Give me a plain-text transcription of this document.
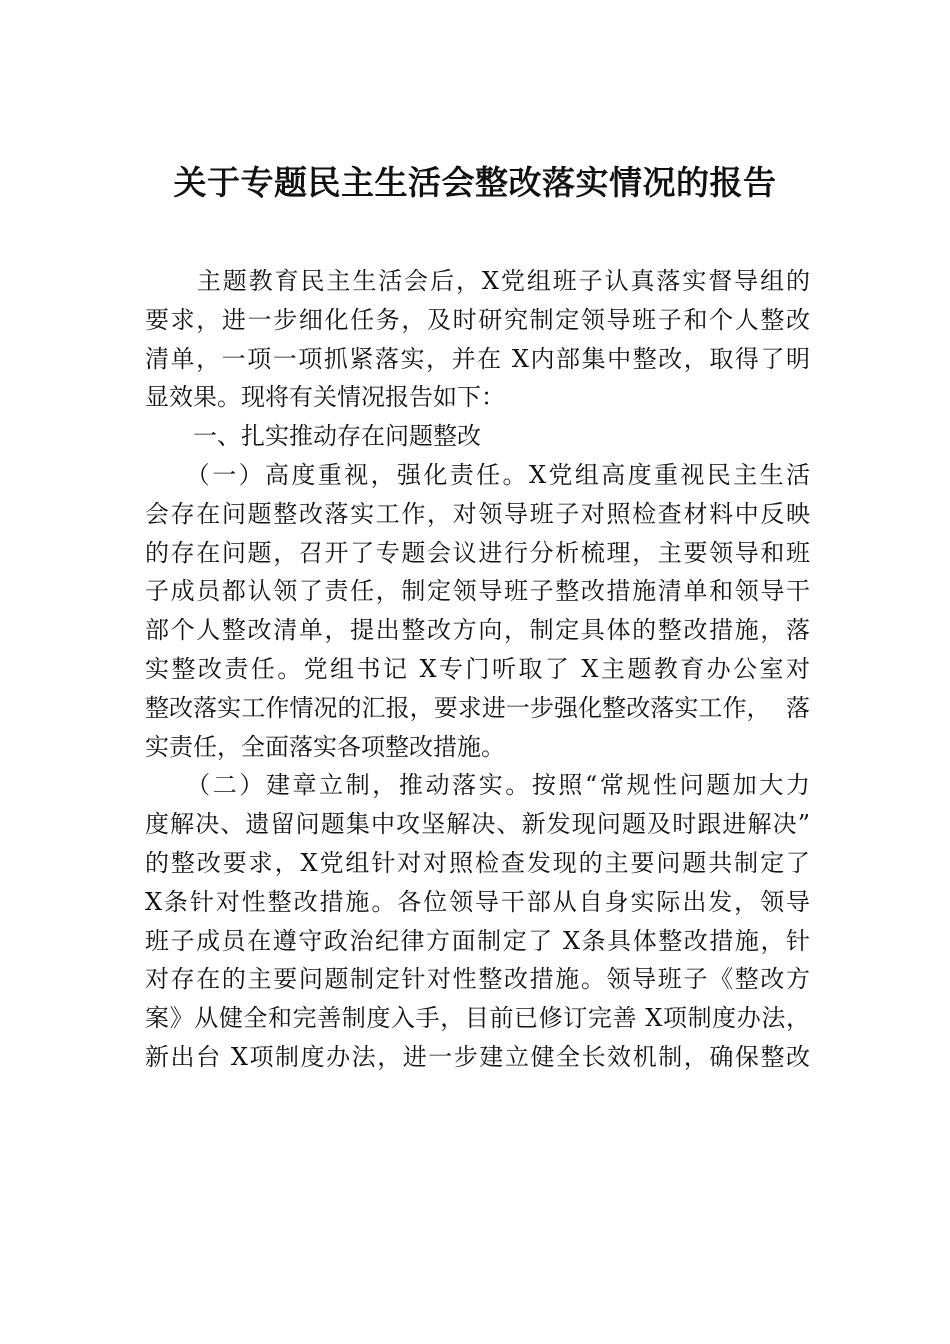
关于专题民主生活会整改落实情况的报告
　　主题教育民主生活会后，X党组班子认真落实督导组的
要求，进一步细化任务，及时研究制定领导班子和个人整改
清单，一项一项抓紧落实，并在 X内部集中整改，取得了明
显效果。现将有关情况报告如下：
　　一、扎实推动存在问题整改
　　（一）高度重视，强化责任。X党组高度重视民主生活
会存在问题整改落实工作，对领导班子对照检查材料中反映
的存在问题，召开了专题会议进行分析梳理，主要领导和班
子成员都认领了责任，制定领导班子整改措施清单和领导干
部个人整改清单，提出整改方向，制定具体的整改措施，落
实整改责任。党组书记 X专门听取了 X主题教育办公室对
整改落实工作情况的汇报，要求进一步强化整改落实工作，  落
实责任，全面落实各项整改措施。
　　（二）建章立制，推动落实。按照“常规性问题加大力
度解决、遗留问题集中攻坚解决、新发现问题及时跟进解决”
的整改要求，X党组针对对照检查发现的主要问题共制定了
X条针对性整改措施。各位领导干部从自身实际出发，领导
班子成员在遵守政治纪律方面制定了 X条具体整改措施，针
对存在的主要问题制定针对性整改措施。领导班子《整改方
案》从健全和完善制度入手，目前已修订完善 X项制度办法，
新出台 X项制度办法，进一步建立健全长效机制，确保整改
